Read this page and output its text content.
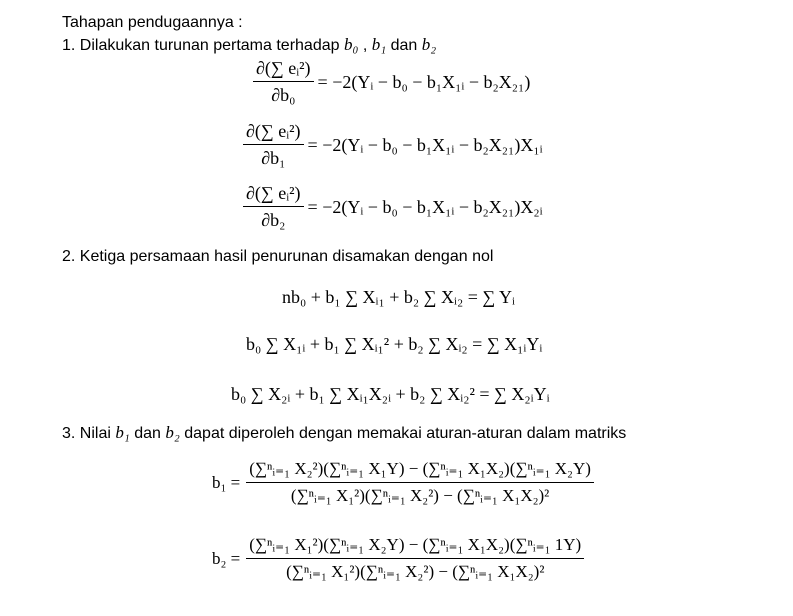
Tahapan pendugaannya :
1. Dilakukan turunan pertama terhadap b₀ , b₁ dan b₂
$\frac{\text{∂(∑ eᵢ²)}}{\text{∂b₀}}$ = −2(Yᵢ − b₀ − b₁X₁ᵢ − b₂X₂₁)
$\frac{\text{∂(∑ eᵢ²)}}{\text{∂b₁}}$ = −2(Yᵢ − b₀ − b₁X₁ᵢ − b₂X₂₁)X₁ᵢ
$\frac{\text{∂(∑ eᵢ²)}}{\text{∂b₂}}$ = −2(Yᵢ − b₀ − b₁X₁ᵢ − b₂X₂₁)X₂ᵢ
2. Ketiga persamaan hasil penurunan disamakan dengan nol
nb₀ + b₁ ∑ Xᵢ₁ + b₂ ∑ Xᵢ₂ = ∑ Yᵢ
b₀ ∑ X₁ᵢ + b₁ ∑ Xᵢ₁² + b₂ ∑ Xᵢ₂ = ∑ X₁ᵢYᵢ
b₀ ∑ X₂ᵢ + b₁ ∑ Xᵢ₁X₂ᵢ + b₂ ∑ Xᵢ₂² = ∑ X₂ᵢYᵢ
3. Nilai b₁ dan b₂ dapat diperoleh dengan memakai aturan-aturan dalam matriks
$b_1 = \frac{\text{(∑ⁿᵢ₌₁ X₂²)(∑ⁿᵢ₌₁ X₁Y) − (∑ⁿᵢ₌₁ X₁X₂)(∑ⁿᵢ₌₁ X₂Y)}}{\text{(∑ⁿᵢ₌₁ X₁²)(∑ⁿᵢ₌₁ X₂²) − (∑ⁿᵢ₌₁ X₁X₂)²}}$
$b_2 = \frac{\text{(∑ⁿᵢ₌₁ X₁²)(∑ⁿᵢ₌₁ X₂Y) − (∑ⁿᵢ₌₁ X₁X₂)(∑ⁿᵢ₌₁ 1Y)}}{\text{(∑ⁿᵢ₌₁ X₁²)(∑ⁿᵢ₌₁ X₂²) − (∑ⁿᵢ₌₁ X₁X₂)²}}$
